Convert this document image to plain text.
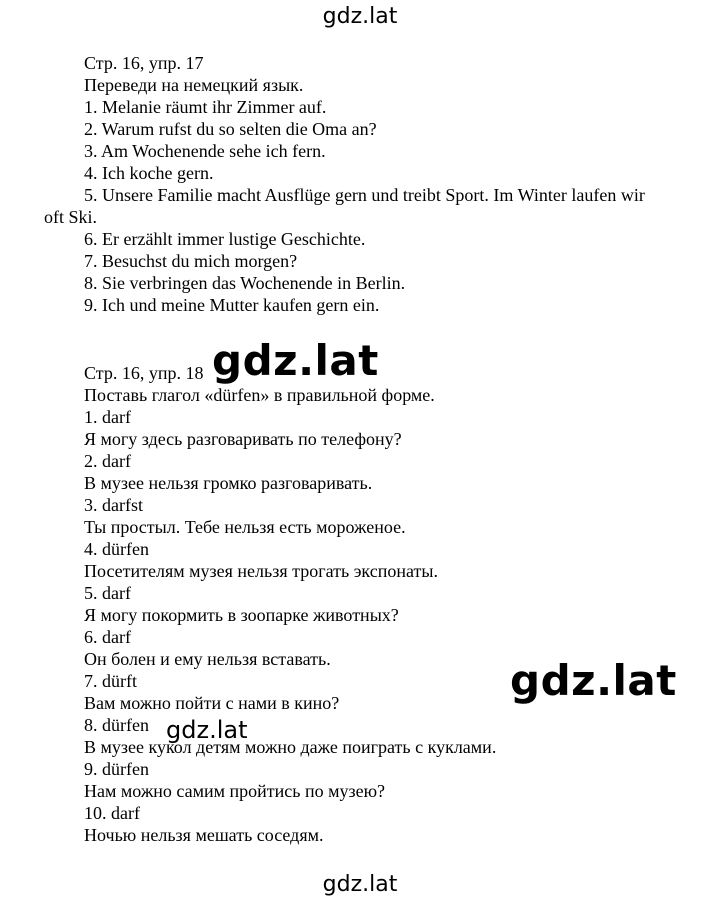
gdz.lat
Стр. 16, упр. 17
Переведи на немецкий язык.
1. Melanie räumt ihr Zimmer auf.
2. Warum rufst du so selten die Oma an?
3. Am Wochenende sehe ich fern.
4. Ich koche gern.
5. Unsere Familie macht Ausflüge gern und treibt Sport. Im Winter laufen wir
oft Ski.
6. Er erzählt immer lustige Geschichte.
7. Besuchst du mich morgen?
8. Sie verbringen das Wochenende in Berlin.
9. Ich und meine Mutter kaufen gern ein.
Стр. 16, упр. 18
Поставь глагол «dürfen» в правильной форме.
1. darf
Я могу здесь разговаривать по телефону?
2. darf
В музее нельзя громко разговаривать.
3. darfst
Ты простыл. Тебе нельзя есть мороженое.
4. dürfen
Посетителям музея нельзя трогать экспонаты.
5. darf
Я могу покормить в зоопарке животных?
6. darf
Он болен и ему нельзя вставать.
7. dürft
Вам можно пойти с нами в кино?
8. dürfen
В музее кукол детям можно даже поиграть с куклами.
9. dürfen
Нам можно самим пройтись по музею?
10. darf
Ночью нельзя мешать соседям.
gdz.lat
gdz.lat
gdz.lat
gdz.lat
